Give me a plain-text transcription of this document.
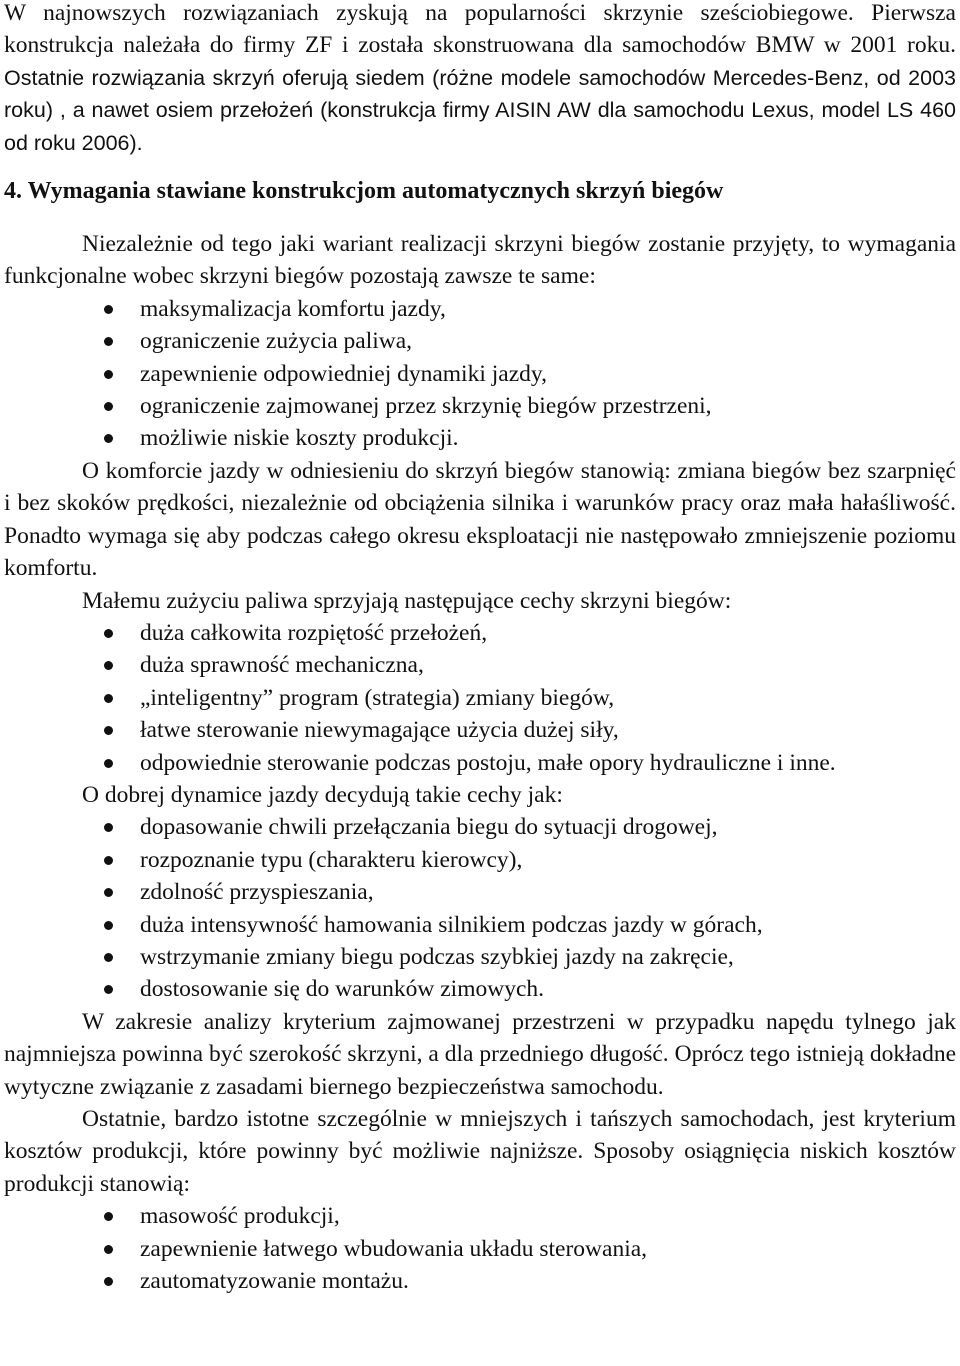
W najnowszych rozwiązaniach zyskują na popularności skrzynie sześciobiegowe. Pierwsza konstrukcja należała do firmy ZF i została skonstruowana dla samochodów BMW w 2001 roku. Ostatnie rozwiązania skrzyń oferują siedem (różne modele samochodów Mercedes-Benz, od 2003 roku) , a nawet osiem przełożeń (konstrukcja firmy AISIN AW dla samochodu Lexus, model LS 460 od roku 2006).

4. Wymagania stawiane konstrukcjom automatycznych skrzyń biegów

Niezależnie od tego jaki wariant realizacji skrzyni biegów zostanie przyjęty, to wymagania funkcjonalne wobec skrzyni biegów pozostają zawsze te same:

maksymalizacja komfortu jazdy,
ograniczenie zużycia paliwa,
zapewnienie odpowiedniej dynamiki jazdy,
ograniczenie zajmowanej przez skrzynię biegów przestrzeni,
możliwie niskie koszty produkcji.

O komforcie jazdy w odniesieniu do skrzyń biegów stanowią: zmiana biegów bez szarpnięć i bez skoków prędkości, niezależnie od obciążenia silnika i warunków pracy oraz mała hałaśliwość. Ponadto wymaga się aby podczas całego okresu eksploatacji nie następowało zmniejszenie poziomu komfortu.

Małemu zużyciu paliwa sprzyjają następujące cechy skrzyni biegów:

duża całkowita rozpiętość przełożeń,
duża sprawność mechaniczna,
„inteligentny” program (strategia) zmiany biegów,
łatwe sterowanie niewymagające użycia dużej siły,
odpowiednie sterowanie podczas postoju, małe opory hydrauliczne i inne.

O dobrej dynamice jazdy decydują takie cechy jak:

dopasowanie chwili przełączania biegu do sytuacji drogowej,
rozpoznanie typu (charakteru kierowcy),
zdolność przyspieszania,
duża intensywność hamowania silnikiem podczas jazdy w górach,
wstrzymanie zmiany biegu podczas szybkiej jazdy na zakręcie,
dostosowanie się do warunków zimowych.

W zakresie analizy kryterium zajmowanej przestrzeni w przypadku napędu tylnego jak najmniejsza powinna być szerokość skrzyni, a dla przedniego długość. Oprócz tego istnieją dokładne wytyczne związanie z zasadami biernego bezpieczeństwa samochodu.

Ostatnie, bardzo istotne szczególnie w mniejszych i tańszych samochodach, jest kryterium kosztów produkcji, które powinny być możliwie najniższe. Sposoby osiągnięcia niskich kosztów produkcji stanowią:

masowość produkcji,
zapewnienie łatwego wbudowania układu sterowania,
zautomatyzowanie montażu.
